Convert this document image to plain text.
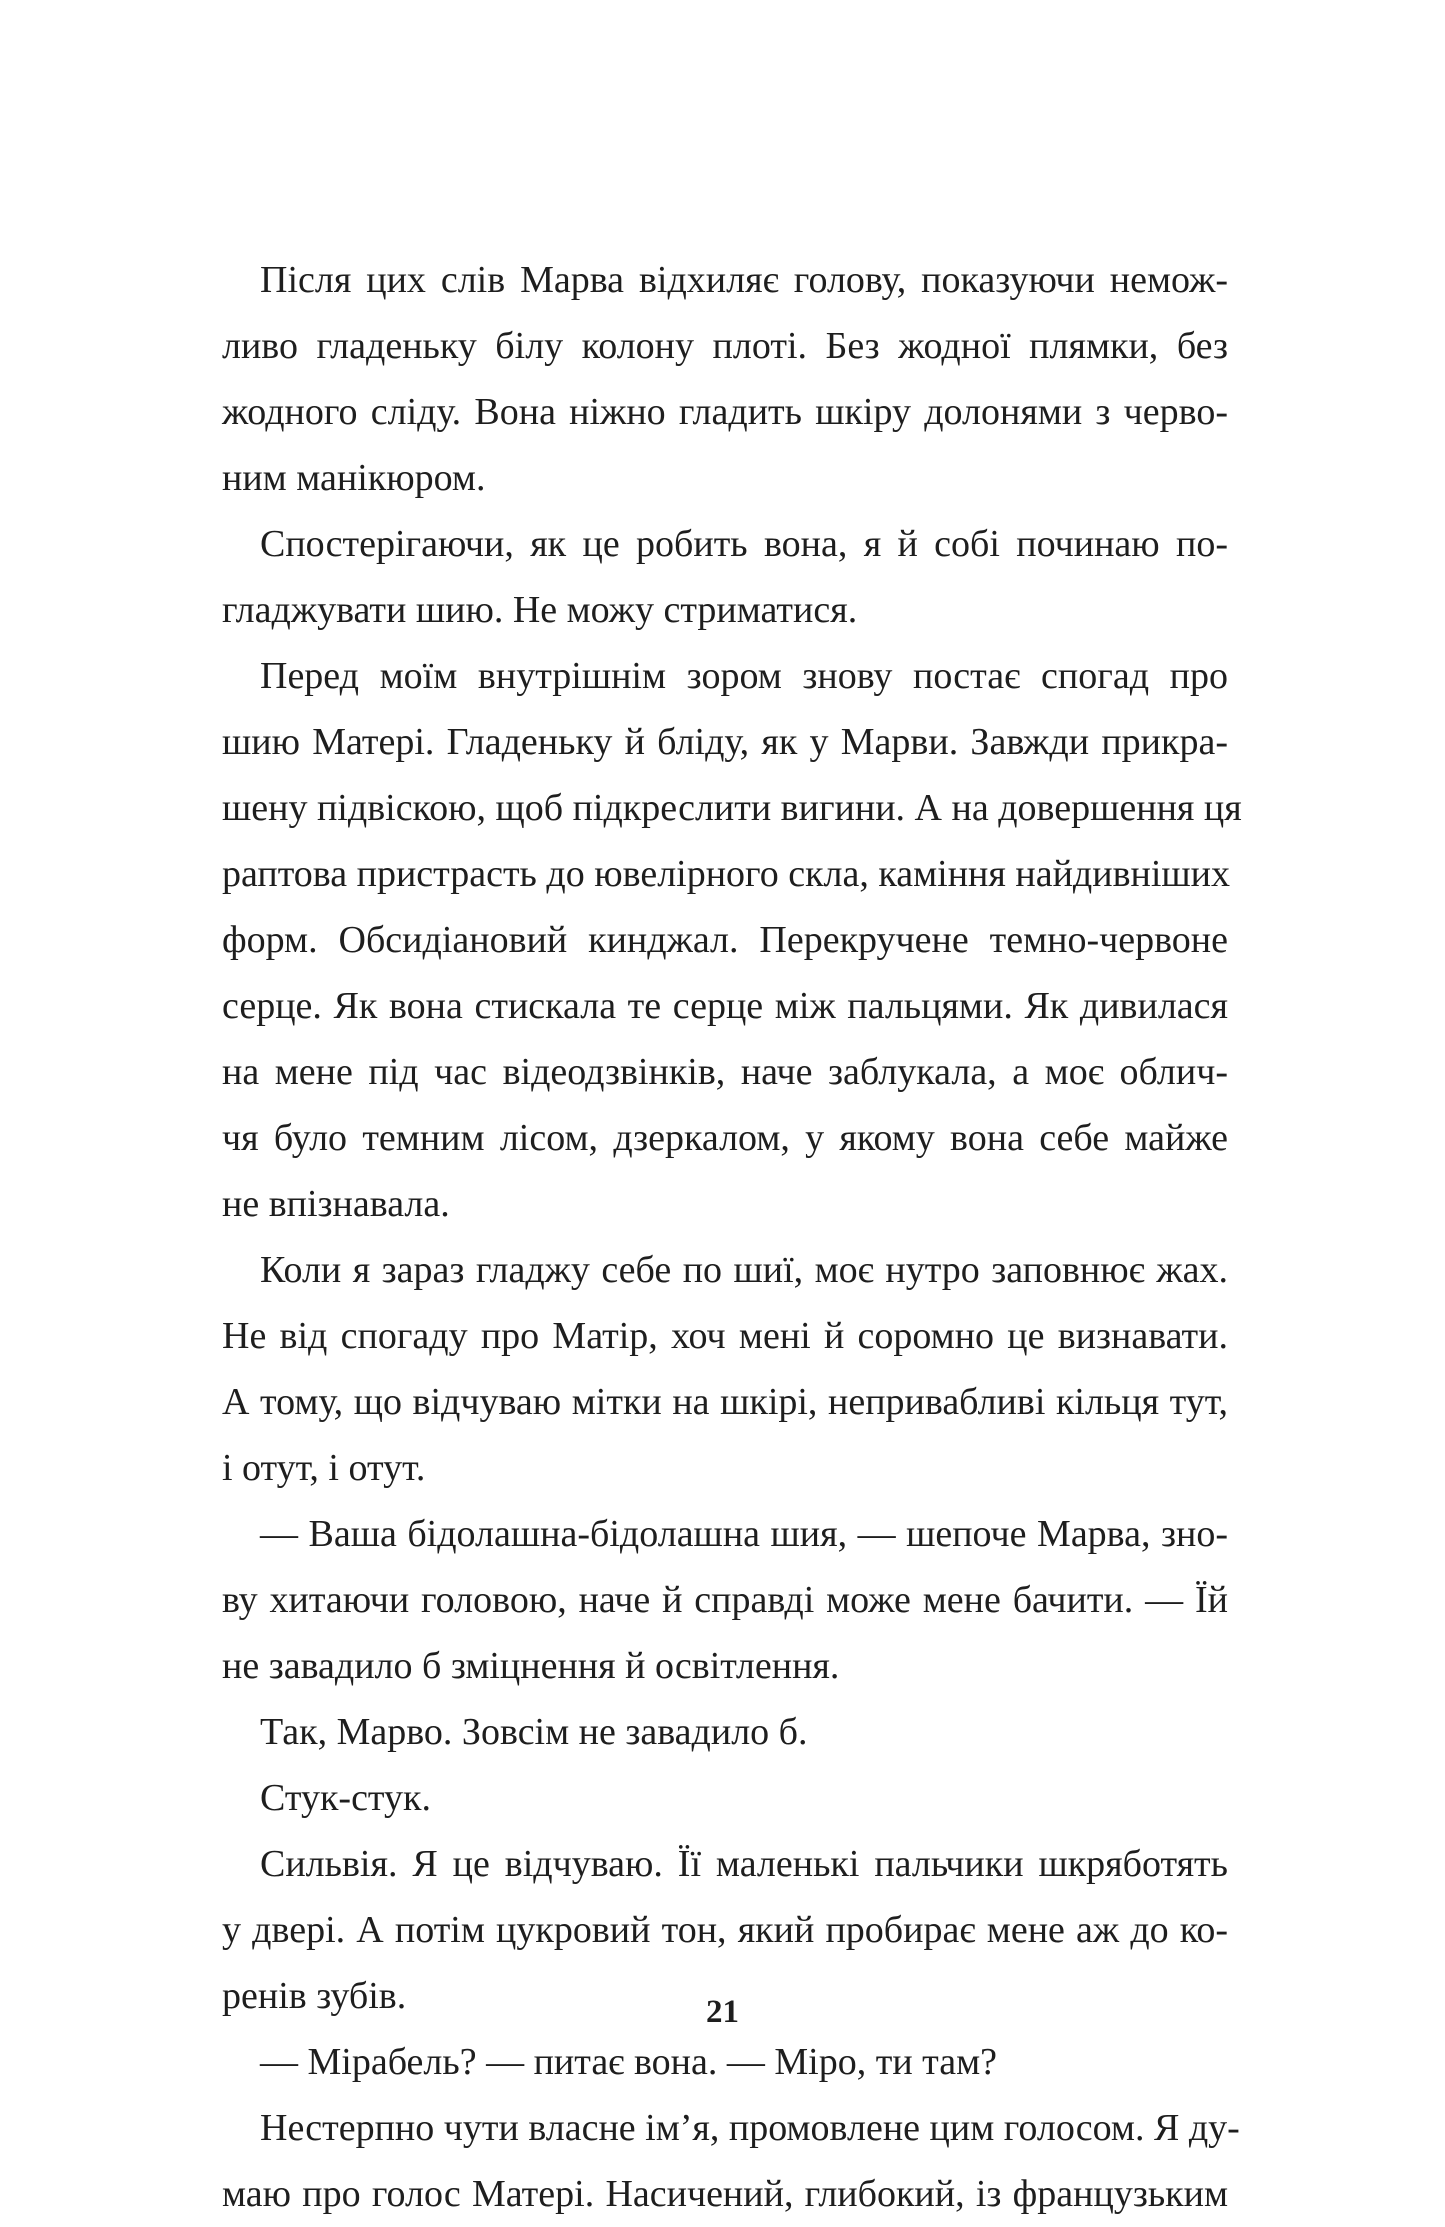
Після цих слів Марва відхиляє голову, показуючи немож-
ливо гладеньку білу колону плоті. Без жодної плямки, без
жодного сліду. Вона ніжно гладить шкіру долонями з черво-
ним манікюром.
Спостерігаючи, як це робить вона, я й собі починаю по-
гладжувати шию. Не можу стриматися.
Перед моїм внутрішнім зором знову постає спогад про
шию Матері. Гладеньку й бліду, як у Марви. Завжди прикра-
шену підвіскою, щоб підкреслити вигини. А на довершення ця
раптова пристрасть до ювелірного скла, каміння найдивніших
форм. Обсидіановий кинджал. Перекручене темно-червоне
серце. Як вона стискала те серце між пальцями. Як дивилася
на мене під час відеодзвінків, наче заблукала, а моє облич-
чя було темним лісом, дзеркалом, у якому вона себе майже
не впізнавала.
Коли я зараз гладжу себе по шиї, моє нутро заповнює жах.
Не від спогаду про Матір, хоч мені й соромно це визнавати.
А тому, що відчуваю мітки на шкірі, непривабливі кільця тут,
і отут, і отут.
— Ваша бідолашна-бідолашна шия, — шепоче Марва, зно-
ву хитаючи головою, наче й справді може мене бачити. — Їй
не завадило б зміцнення й освітлення.
Так, Марво. Зовсім не завадило б.
Стук-стук.
Сильвія. Я це відчуваю. Її маленькі пальчики шкряботять
у двері. А потім цукровий тон, який пробирає мене аж до ко-
ренів зубів.
— Мірабель? — питає вона. — Міро, ти там?
Нестерпно чути власне ім’я, промовлене цим голосом. Я ду-
маю про голос Матері. Насичений, глибокий, із французьким
21
